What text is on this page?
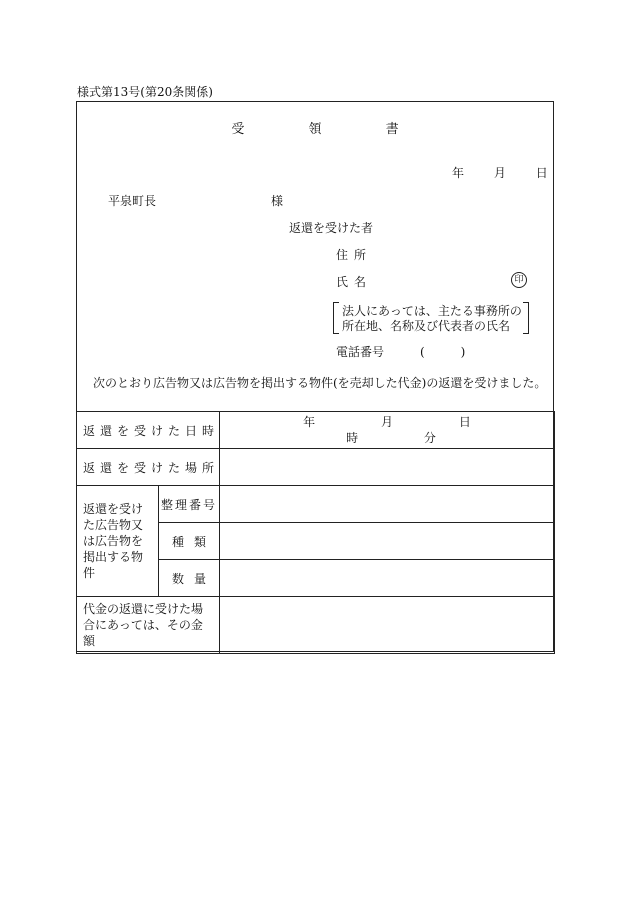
様式第13号(第20条関係)
受	領	書
年 月 日
平泉町長	様
返還を受けた者
住所
氏名	印
法人にあっては、主たる事務所の
所在地、名称及び代表者の氏名
電話番号	(　　　)
次のとおり広告物又は広告物を掲出する物件(を売却した代金)の返還を受けました。
返還を受けた日時		年 月 日
時 分

返還を受けた場所		
返還を受けた広告物又は広告物を掲出する物件	整理番号	
	種類	
	数量	
代金の返還に受けた場合にあっては、その金額		
